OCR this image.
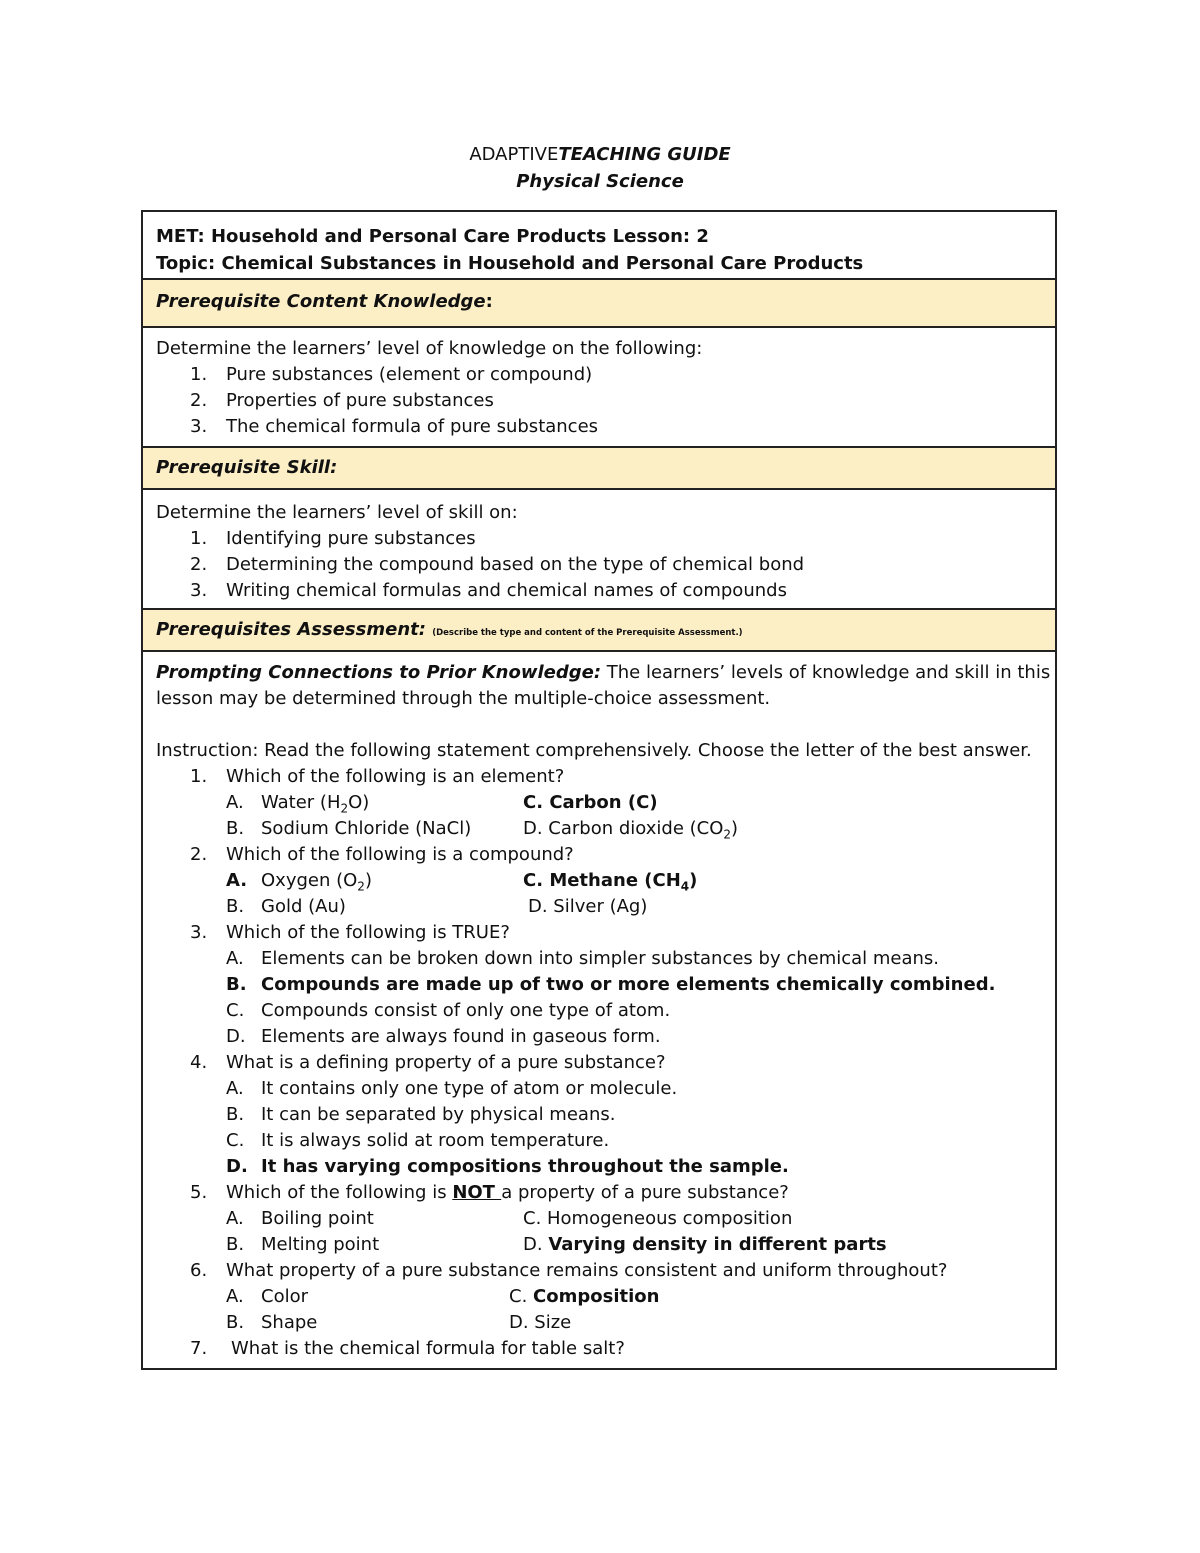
ADAPTIVETEACHING GUIDE
Physical Science
MET: Household and Personal Care Products Lesson: 2
Topic: Chemical Substances in Household and Personal Care Products
Prerequisite Content Knowledge:
Determine the learners’ level of knowledge on the following:
1.	Pure substances (element or compound)
2.	Properties of pure substances
3.	The chemical formula of pure substances
Prerequisite Skill:
Determine the learners’ level of skill on:
1.	Identifying pure substances
2.	Determining the compound based on the type of chemical bond
3.	Writing chemical formulas and chemical names of compounds
Prerequisites Assessment: (Describe the type and content of the Prerequisite Assessment.)
Prompting Connections to Prior Knowledge: The learners’ levels of knowledge and skill in this lesson may be determined through the multiple-choice assessment.
Instruction: Read the following statement comprehensively. Choose the letter of the best answer.
1. Which of the following is an element?
A. Water $(H_2O)$	C. Carbon (C)
B. Sodium Chloride (NaCl)	D. Carbon dioxide $(CO_2)$
2. Which of the following is a compound?
A. Oxygen $(O_2)$	C. Methane $(CH_4)$
B. Gold (Au)	D. Silver (Ag)
3. Which of the following is TRUE?
A. Elements can be broken down into simpler substances by chemical means.
B. Compounds are made up of two or more elements chemically combined.
C. Compounds consist of only one type of atom.
D. Elements are always found in gaseous form.
4. What is a defining property of a pure substance?
A. It contains only one type of atom or molecule.
B. It can be separated by physical means.
C. It is always solid at room temperature.
D. It has varying compositions throughout the sample.
5. Which of the following is NOT a property of a pure substance?
A. Boiling point	C. Homogeneous composition
B. Melting point	D. Varying density in different parts
6. What property of a pure substance remains consistent and uniform throughout?
A. Color	C. Composition
B. Shape	D. Size
7. What is the chemical formula for table salt?
